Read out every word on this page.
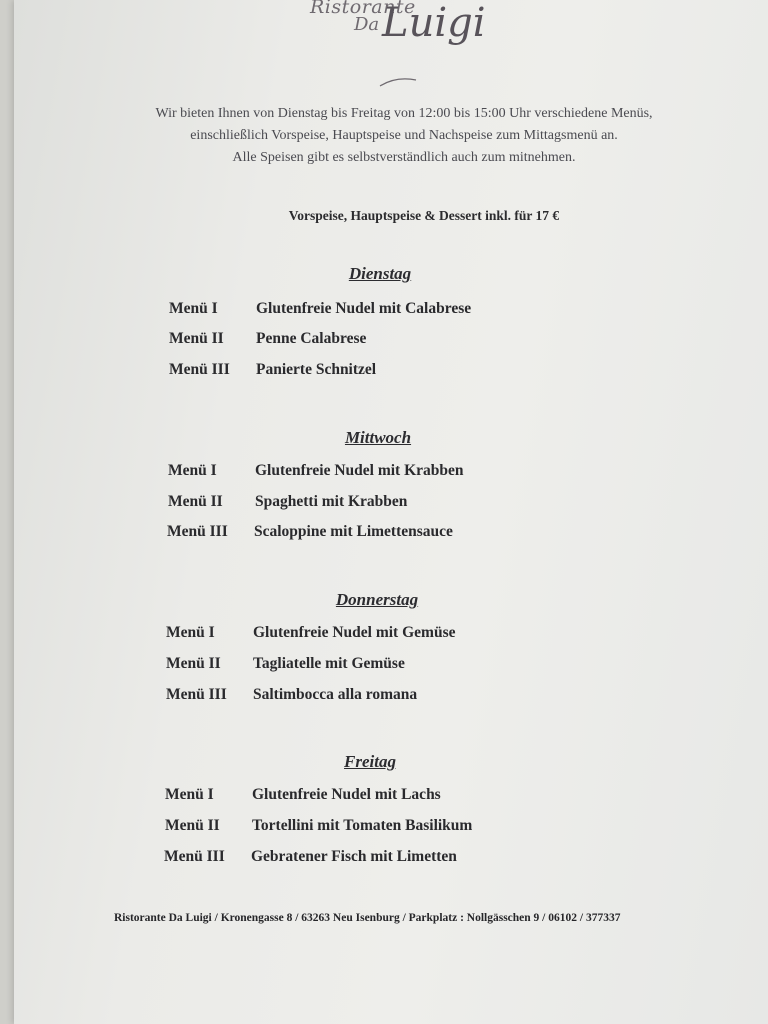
Ristorante
Da Luigi
Wir bieten Ihnen von Dienstag bis Freitag von 12:00 bis 15:00 Uhr verschiedene Menüs,
einschließlich Vorspeise, Hauptspeise und Nachspeise zum Mittagsmenü an.
Alle Speisen gibt es selbstverständlich auch zum mitnehmen.
Vorspeise, Hauptspeise & Dessert inkl. für 17 €
Dienstag
Menü I Glutenfreie Nudel mit Calabrese
Menü II Penne Calabrese
Menü III Panierte Schnitzel
Mittwoch
Menü I Glutenfreie Nudel mit Krabben
Menü II Spaghetti mit Krabben
Menü III Scaloppine mit Limettensauce
Donnerstag
Menü I Glutenfreie Nudel mit Gemüse
Menü II Tagliatelle mit Gemüse
Menü III Saltimbocca alla romana
Freitag
Menü I Glutenfreie Nudel mit Lachs
Menü II Tortellini mit Tomaten Basilikum
Menü III Gebratener Fisch mit Limetten
Ristorante Da Luigi / Kronengasse 8 / 63263 Neu Isenburg / Parkplatz : Nollgässchen 9 / 06102 / 377337
